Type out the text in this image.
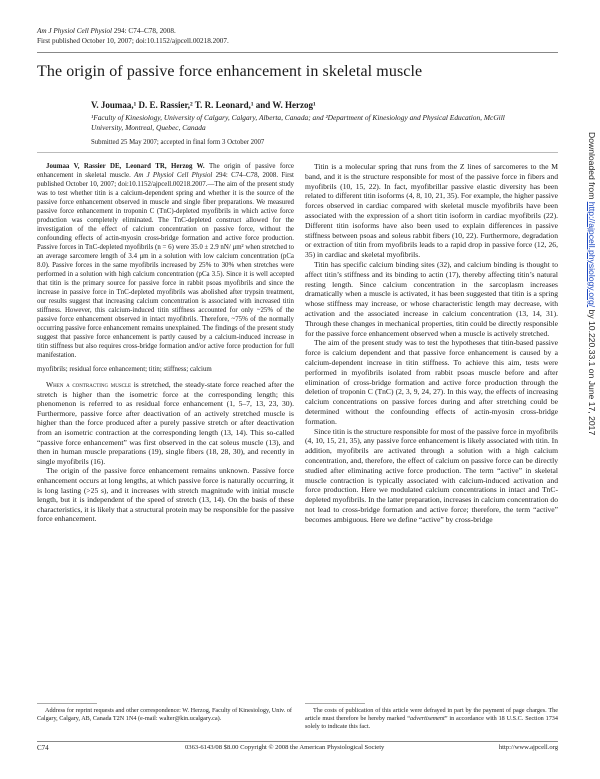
Am J Physiol Cell Physiol 294: C74–C78, 2008.
First published October 10, 2007; doi:10.1152/ajpcell.00218.2007.
The origin of passive force enhancement in skeletal muscle
V. Joumaa,¹ D. E. Rassier,² T. R. Leonard,¹ and W. Herzog¹
¹Faculty of Kinesiology, University of Calgary, Calgary, Alberta, Canada; and ²Department of Kinesiology and Physical Education, McGill University, Montreal, Quebec, Canada
Submitted 25 May 2007; accepted in final form 3 October 2007
Joumaa V, Rassier DE, Leonard TR, Herzog W. The origin of passive force enhancement in skeletal muscle. Am J Physiol Cell Physiol 294: C74–C78, 2008. First published October 10, 2007; doi:10.1152/ajpcell.00218.2007.—The aim of the present study was to test whether titin is a calcium-dependent spring and whether it is the source of the passive force enhancement observed in muscle and single fiber preparations. We measured passive force enhancement in troponin C (TnC)-depleted myofibrils in which active force production was completely eliminated. The TnC-depleted construct allowed for the investigation of the effect of calcium concentration on passive force, without the confounding effects of actin-myosin cross-bridge formation and active force production. Passive forces in TnC-depleted myofibrils (n = 6) were 35.0 ± 2.9 nN/ μm² when stretched to an average sarcomere length of 3.4 μm in a solution with low calcium concentration (pCa 8.0). Passive forces in the same myofibrils increased by 25% to 30% when stretches were performed in a solution with high calcium concentration (pCa 3.5). Since it is well accepted that titin is the primary source for passive force in rabbit psoas myofibrils and since the increase in passive force in TnC-depleted myofibrils was abolished after trypsin treatment, our results suggest that increasing calcium concentration is associated with increased titin stiffness. However, this calcium-induced titin stiffness accounted for only ~25% of the passive force enhancement observed in intact myofibrils. Therefore, ~75% of the normally occurring passive force enhancement remains unexplained. The findings of the present study suggest that passive force enhancement is partly caused by a calcium-induced increase in titin stiffness but also requires cross-bridge formation and/or active force production for full manifestation.
myofibrils; residual force enhancement; titin; stiffness; calcium

When a contracting muscle is stretched, the steady-state force reached after the stretch is higher than the isometric force at the corresponding length; this phenomenon is referred to as residual force enhancement (1, 5–7, 13, 23, 30). Furthermore, passive force after deactivation of an actively stretched muscle is higher than the force produced after a purely passive stretch or after deactivation from an isometric contraction at the corresponding length (13, 14). This so-called “passive force enhancement” was first observed in the cat soleus muscle (13), and then in human muscle preparations (19), single fibers (18, 28, 30), and recently in single myofibrils (16).

The origin of the passive force enhancement remains unknown. Passive force enhancement occurs at long lengths, at which passive force is naturally occurring, it is long lasting (>25 s), and it increases with stretch magnitude with initial muscle length, but it is independent of the speed of stretch (13, 14). On the basis of these characteristics, it is likely that a structural protein may be responsible for the passive force enhancement.

Titin is a molecular spring that runs from the Z lines of sarcomeres to the M band, and it is the structure responsible for most of the passive force in fibers and myofibrils (10, 15, 22). In fact, myofibrillar passive elastic diversity has been related to different titin isoforms (4, 8, 10, 21, 35). For example, the higher passive forces observed in cardiac compared with skeletal muscle myofibrils have been associated with the expression of a short titin isoform in cardiac myofibrils (22). Different titin isoforms have also been used to explain differences in passive stiffness between psoas and soleus rabbit fibers (10, 22). Furthermore, degradation or extraction of titin from myofibrils leads to a rapid drop in passive force (12, 26, 35) in cardiac and skeletal myofibrils.

Titin has specific calcium binding sites (32), and calcium binding is thought to affect titin’s stiffness and its binding to actin (17), thereby affecting titin’s natural resting length. Since calcium concentration in the sarcoplasm increases dramatically when a muscle is activated, it has been suggested that titin is a spring whose stiffness may increase, or whose characteristic length may decrease, with activation and the associated increase in calcium concentration (13, 14, 31). Through these changes in mechanical properties, titin could be directly responsible for the passive force enhancement observed when a muscle is actively stretched.

The aim of the present study was to test the hypotheses that titin-based passive force is calcium dependent and that passive force enhancement is caused by a calcium-dependent increase in titin stiffness. To achieve this aim, tests were performed in myofibrils isolated from rabbit psoas muscle before and after elimination of cross-bridge formation and active force production through the deletion of troponin C (TnC) (2, 3, 9, 24, 27). In this way, the effects of increasing calcium concentrations on passive forces during and after stretching could be determined without the confounding effects of actin-myosin cross-bridge formation.

Since titin is the structure responsible for most of the passive force in myofibrils (4, 10, 15, 21, 35), any passive force enhancement is likely associated with titin. In addition, myofibrils are activated through a solution with a high calcium concentration, and, therefore, the effect of calcium on passive force can be directly studied after eliminating active force production. The term “active” in skeletal muscle contraction is typically associated with calcium-induced activation and force production. Here we modulated calcium concentrations in intact and TnC-depleted myofibrils. In the latter preparation, increases in calcium concentration do not lead to cross-bridge formation and active force; therefore, the term “active” becomes ambiguous. Here we define “active” by cross-bridge

Address for reprint requests and other correspondence: W. Herzog, Faculty of Kinesiology, Univ. of Calgary, Calgary, AB, Canada T2N 1N4 (e-mail: walter@kin.ucalgary.ca).
The costs of publication of this article were defrayed in part by the payment of page charges. The article must therefore be hereby marked “advertisement” in accordance with 18 U.S.C. Section 1734 solely to indicate this fact.
C74	0363-6143/08 $8.00 Copyright © 2008 the American Physiological Society	http://www.ajpcell.org
Downloaded from http://ajpcell.physiology.org/ by 10.220.33.1 on June 17, 2017
